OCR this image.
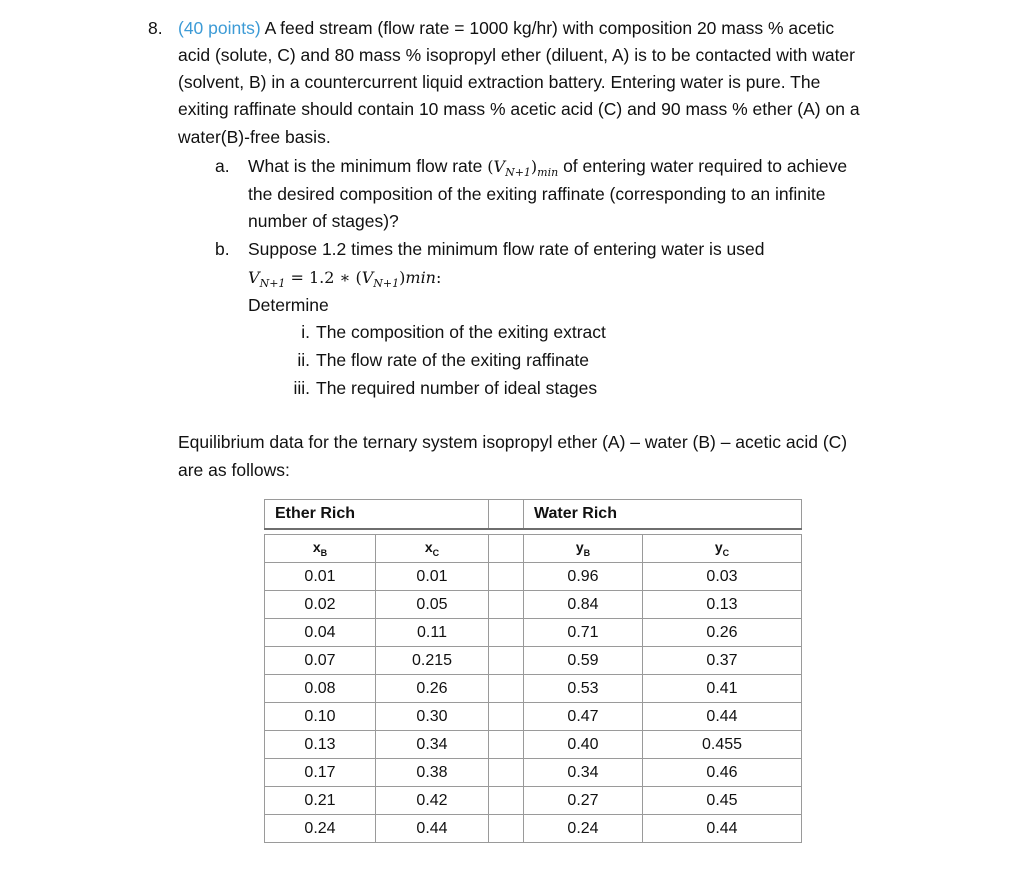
8. (40 points) A feed stream (flow rate = 1000 kg/hr) with composition 20 mass % acetic
acid (solute, C) and 80 mass % isopropyl ether (diluent, A) is to be contacted with water
(solvent, B) in a countercurrent liquid extraction battery. Entering water is pure. The
exiting raffinate should contain 10 mass % acetic acid (C) and 90 mass % ether (A) on a
water(B)-free basis.
a. What is the minimum flow rate $(V_{N+1})_{min}$ of entering water required to achieve
the desired composition of the exiting raffinate (corresponding to an infinite
number of stages)?
b. Suppose 1.2 times the minimum flow rate of entering water is used
$V_{N+1} = 1.2$ ∗ $(V_{N+1})\min$:
Determine
i. The composition of the exiting extract
ii. The flow rate of the exiting raffinate
iii. The required number of ideal stages
Equilibrium data for the ternary system isopropyl ether (A) – water (B) – acetic acid (C)
are as follows:
Ether Rich			Water Rich	

$x_B$	$x_C$		$y_B$	$y_C$
0.01	0.01		0.96	0.03
0.02	0.05		0.84	0.13
0.04	0.11		0.71	0.26
0.07	0.215		0.59	0.37
0.08	0.26		0.53	0.41
0.10	0.30		0.47	0.44
0.13	0.34		0.40	0.455
0.17	0.38		0.34	0.46
0.21	0.42		0.27	0.45
0.24	0.44		0.24	0.44
